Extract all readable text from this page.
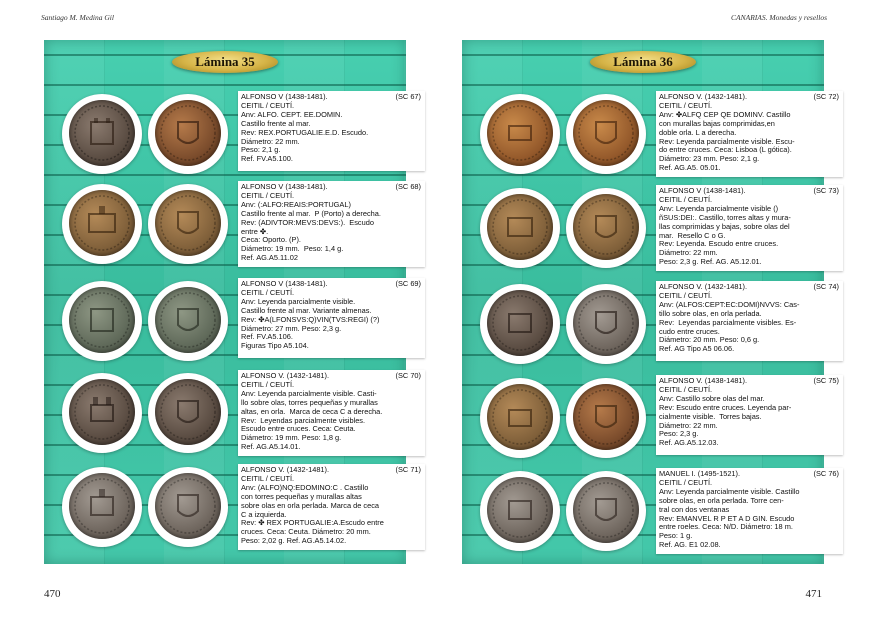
Santiago M. Medina Gil	CANARIAS. Monedas y resellos
Lámina 35
(SC 67)

ALFONSO V (1438-1481).
CEITIL / CEUTÍ.
Anv: ALFO. CEPT. EE.DOMIN.
Castillo frente al mar.
Rev: REX.PORTUGALIE.E.D. Escudo.
Diámetro: 22 mm.
Peso: 2,1 g.
Ref. FV.A5.100.

(SC 68)

ALFONSO V (1438-1481).
CEITIL / CEUTÍ.
Anv: (:ALFO:REAIS:PORTUGAL)
Castillo frente al mar.  P (Porto) a derecha.
Rev: (ADIVTOR:MEVS:DEVS:).  Escudo
entre ✤.
Ceca: Oporto. (P).
Diámetro: 19 mm.  Peso: 1,4 g.
Ref. AG.A5.11.02

(SC 69)

ALFONSO V (1438-1481).
CEITIL / CEUTÍ.
Anv: Leyenda parcialmente visible.
Castillo frente al mar. Variante almenas.
Rev: ✤A(LFONSVS:Q)VIN(TVS:REGI) (?)
Diámetro: 27 mm. Peso: 2,3 g.
Ref. FV.A5.106.
Figuras Tipo A5.104.

(SC 70)

ALFONSO V. (1432-1481).
CEITIL / CEUTÍ.
Anv: Leyenda parcialmente visible. Casti-
llo sobre olas, torres pequeñas y murallas
altas, en orla.  Marca de ceca C a derecha.
Rev:  Leyendas parcialmente visibles.
Escudo entre cruces. Ceca: Ceuta.
Diámetro: 19 mm. Peso: 1,8 g.
Ref. AG.A5.14.01.

(SC 71)

ALFONSO V. (1432-1481).
CEITIL / CEUTÍ.
Anv: (ALFO)NQ:EDOMINO:C . Castillo
con torres pequeñas y murallas altas
sobre olas en orla perlada. Marca de ceca
C a izquierda.
Rev: ✤ REX PORTUGALIE:A.Escudo entre
cruces. Ceca: Ceuta. Diámetro: 20 mm.
Peso: 2,02 g. Ref. AG.A5.14.02.

Lámina 36
(SC 72)

ALFONSO V. (1432-1481).
CEITIL / CEUTÍ.
Anv: ✤ALFQ CEP QE DOMINV. Castillo
con murallas bajas comprimidas,en
doble orla. L a derecha.
Rev: Leyenda parcialmente visible. Escu-
do entre cruces. Ceca: Lisboa (L gótica).
Diámetro: 23 mm. Peso: 2,1 g.
Ref. AG.A5. 05.01.

(SC 73)

ALFONSO V (1438-1481).
CEITIL / CEUTÍ.
Anv: Leyenda parcialmente visible ()
ñSUS:DEI:. Castillo, torres altas y mura-
llas comprimidas y bajas, sobre olas del
mar.  Resello C o G.
Rev: Leyenda. Escudo entre cruces.
Diámetro: 22 mm.
Peso: 2,3 g. Ref. AG. A5.12.01.

(SC 74)

ALFONSO V. (1432-1481).
CEITIL / CEUTÍ.
Anv: (ALFOS:CEPT:EC:DOMI)NVVS: Cas-
tillo sobre olas, en orla perlada.
Rev:  Leyendas parcialmente visibles. Es-
cudo entre cruces.
Diámetro: 20 mm. Peso: 0,6 g.
Ref. AG Tipo A5 06.06.

(SC 75)

ALFONSO V. (1438-1481).
CEITIL / CEUTÍ.
Anv: Castillo sobre olas del mar.
Rev: Escudo entre cruces. Leyenda par-
cialmente visible.  Torres bajas.
Diámetro: 22 mm.
Peso: 2,3 g.
Ref. AG.A5.12.03.

(SC 76)

MANUEL I. (1495-1521).
CEITIL / CEUTÍ.
Anv: Leyenda parcialmente visible. Castillo
sobre olas, en orla perlada. Torre cen-
tral con dos ventanas
Rev: EMANVEL R P ET A D GIN. Escudo
entre roeles. Ceca: N/D. Diámetro: 18 m.
Peso: 1 g.
Ref. AG. E1 02.08.

470	471
